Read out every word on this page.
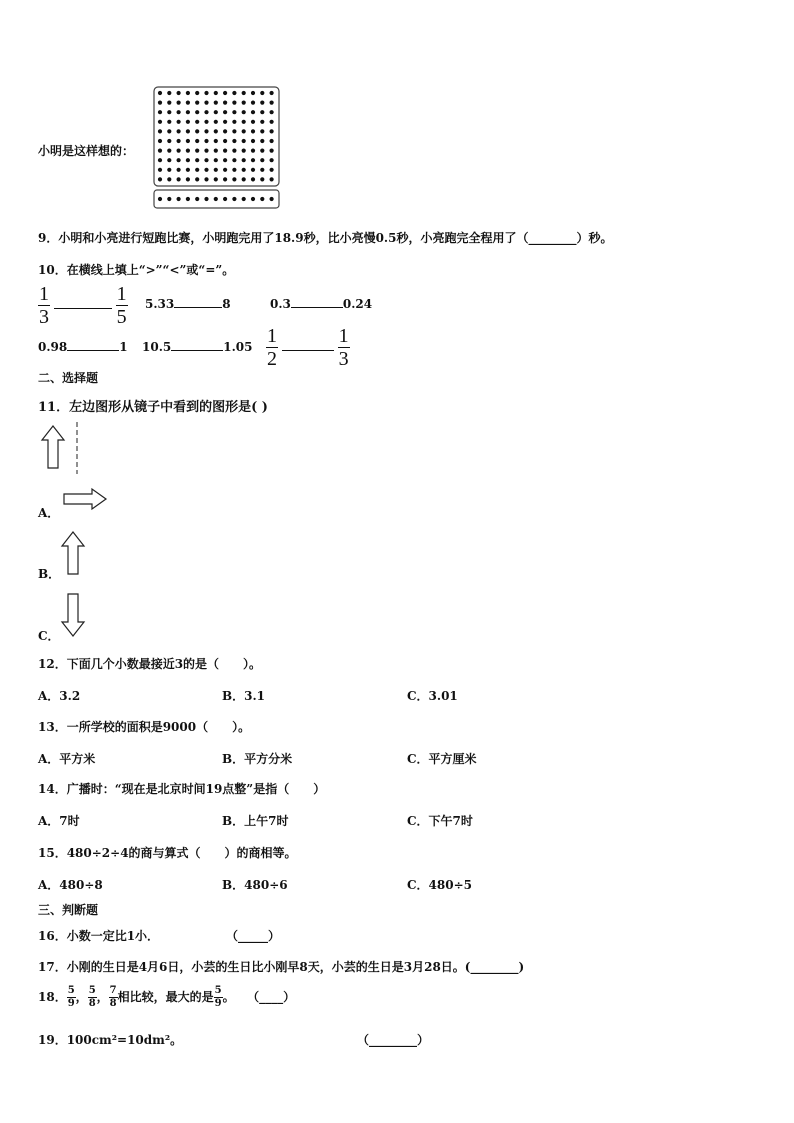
小明是这样想的：
9．小明和小亮进行短跑比赛，小明跑完用了18.9秒，比小亮慢0.5秒，小亮跑完全程用了（________）秒。
10．在横线上填上“>”“<”或“=”。
$\frac{1}{3}$
	$\frac{1}{5} 5.33$	8	0.3	0.24
0.98	1 10.5	$1.05 \frac{1}{2}$
	$\frac{1}{3}$
二、选择题
11．左边图形从镜子中看到的图形是( )
A．
B．
C．
12．下面几个小数最接近3的是（　　）。
A．3.2	B．3.1	C．3.01
13．一所学校的面积是9000（　　）。
A．平方米	B．平方分米	C．平方厘米
14．广播时：“现在是北京时间19点整”是指（　　）
A．7时	B．上午7时	C．下午7时
15．480÷2÷4的商与算式（　　）的商相等。
A．480÷8	B．480÷6	C．480÷5
三、判断题
16．小数一定比1小．	（_____）
17．小刚的生日是4月6日，小芸的生日比小刚早8天，小芸的生日是3月28日。(________)
18． $\frac{5}{9}$ ， $\frac{5}{8}$ ， $\frac{7}{8}$ 相比较，最大的是 $\frac{5}{9}$ 。   （____）
19．100cm²=10dm²。	（________）
